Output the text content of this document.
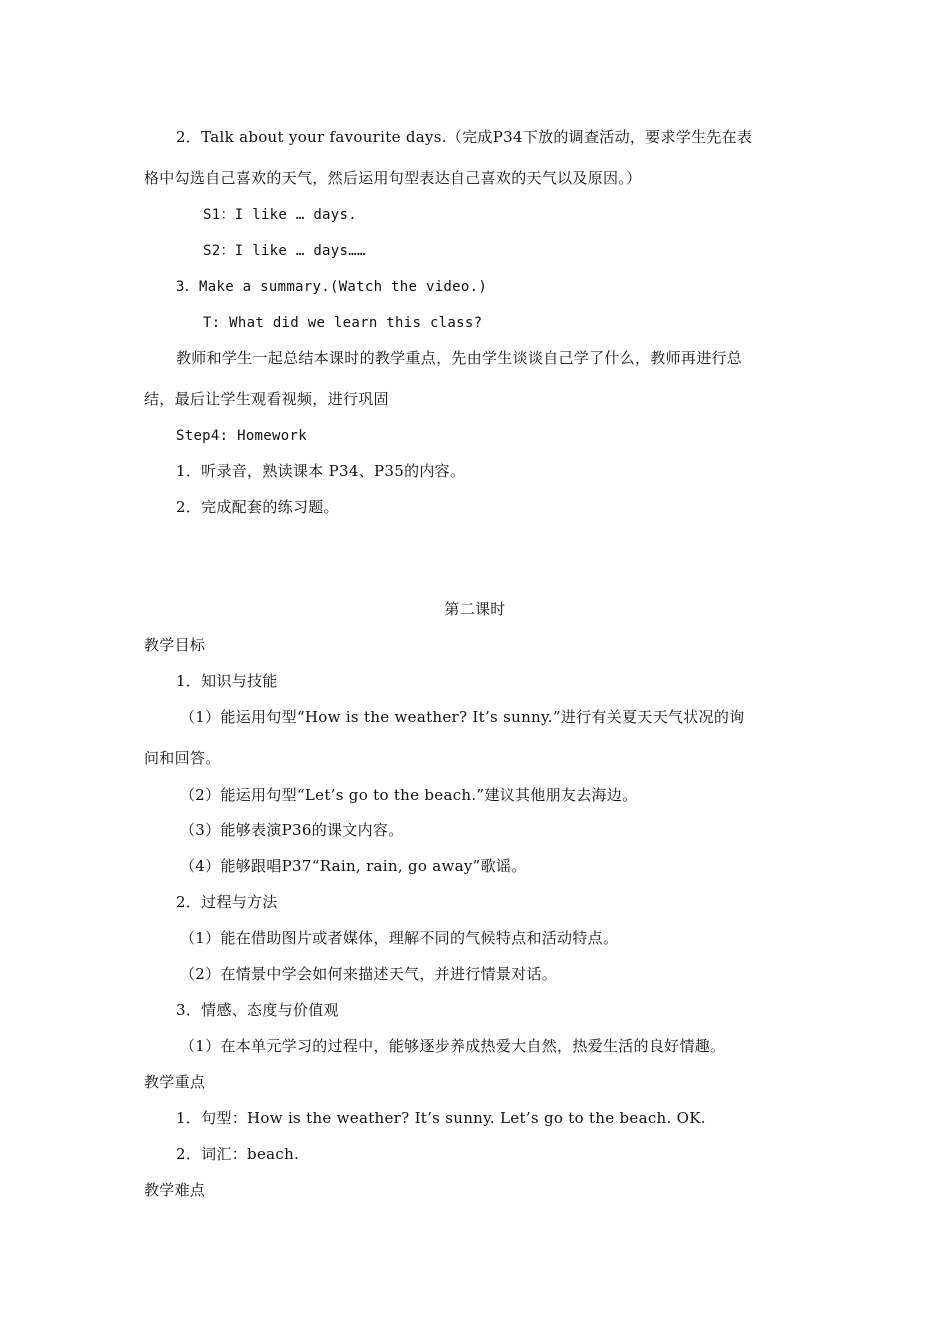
2．Talk about your favourite days.（完成P34下放的调查活动，要求学生先在表
格中勾选自己喜欢的天气，然后运用句型表达自己喜欢的天气以及原因。）
S1：I like … days.
S2：I like … days……
3．Make a summary.(Watch the video.)
T: What did we learn this class?
教师和学生一起总结本课时的教学重点，先由学生谈谈自己学了什么，教师再进行总
结，最后让学生观看视频，进行巩固
Step4: Homework
1．听录音，熟读课本 P34、P35的内容。
2．完成配套的练习题。
第二课时
教学目标
1．知识与技能
（1）能运用句型“How is the weather? It’s sunny.”进行有关夏天天气状况的询
问和回答。
（2）能运用句型“Let’s go to the beach.”建议其他朋友去海边。
（3）能够表演P36的课文内容。
（4）能够跟唱P37“Rain, rain, go away”歌谣。
2．过程与方法
（1）能在借助图片或者媒体，理解不同的气候特点和活动特点。
（2）在情景中学会如何来描述天气，并进行情景对话。
3．情感、态度与价值观
（1）在本单元学习的过程中，能够逐步养成热爱大自然，热爱生活的良好情趣。
教学重点
1．句型：How is the weather? It’s sunny. Let’s go to the beach. OK.
2．词汇：beach.
教学难点
